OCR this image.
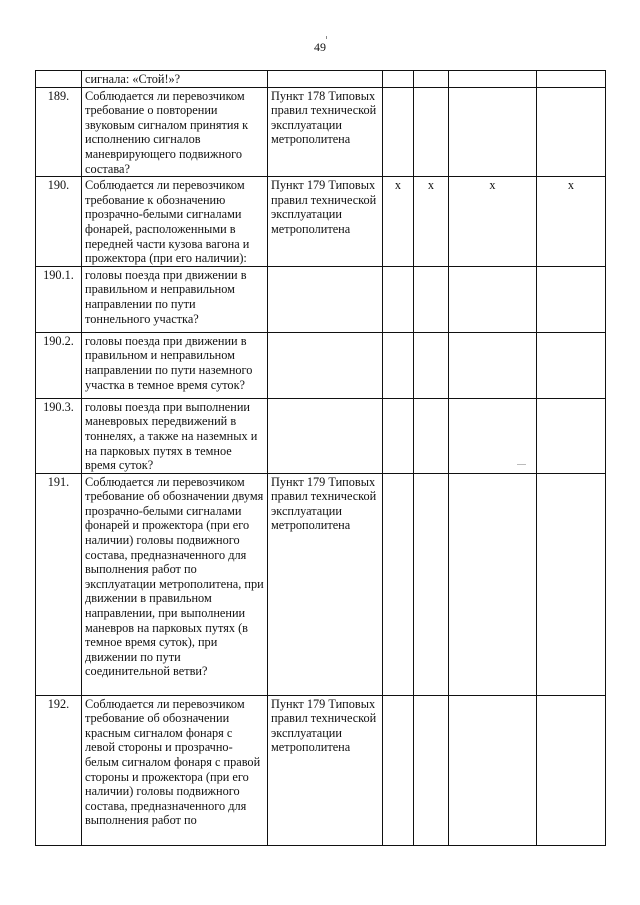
49
	сигнала: «Стой!»?					
189.	Соблюдается ли перевозчиком требование о повторении звуковым сигналом принятия к исполнению сигналов маневрирующего подвижного состава?	Пункт 178 Типовых правил технической эксплуатации метрополитена				
190.	Соблюдается ли перевозчиком требование к обозначению прозрачно-белыми сигналами фонарей, расположенными в передней части кузова вагона и прожектора (при его наличии):	Пункт 179 Типовых правил технической эксплуатации метрополитена	х	х	х	х
190.1.	головы поезда при движении в правильном и неправильном направлении по пути тоннельного участка?					
190.2.	головы поезда при движении в правильном и неправильном направлении по пути наземного участка в темное время суток?					
190.3.	головы поезда при выполнении маневровых передвижений в тоннелях, а также на наземных и на парковых путях в темное время суток?					
191.	Соблюдается ли перевозчиком требование об обозначении двумя прозрачно-белыми сигналами фонарей и прожектора (при его наличии) головы подвижного состава, предназначенного для выполнения работ по эксплуатации метрополитена, при движении в правильном направлении, при выполнении маневров на парковых путях (в темное время суток), при движении по пути соединительной ветви?	Пункт 179 Типовых правил технической эксплуатации метрополитена				
192.	Соблюдается ли перевозчиком требование об обозначении красным сигналом фонаря с левой стороны и прозрачно-белым сигналом фонаря с правой стороны и прожектора (при его наличии) головы подвижного состава, предназначенного для выполнения работ по	Пункт 179 Типовых правил технической эксплуатации метрополитена				
